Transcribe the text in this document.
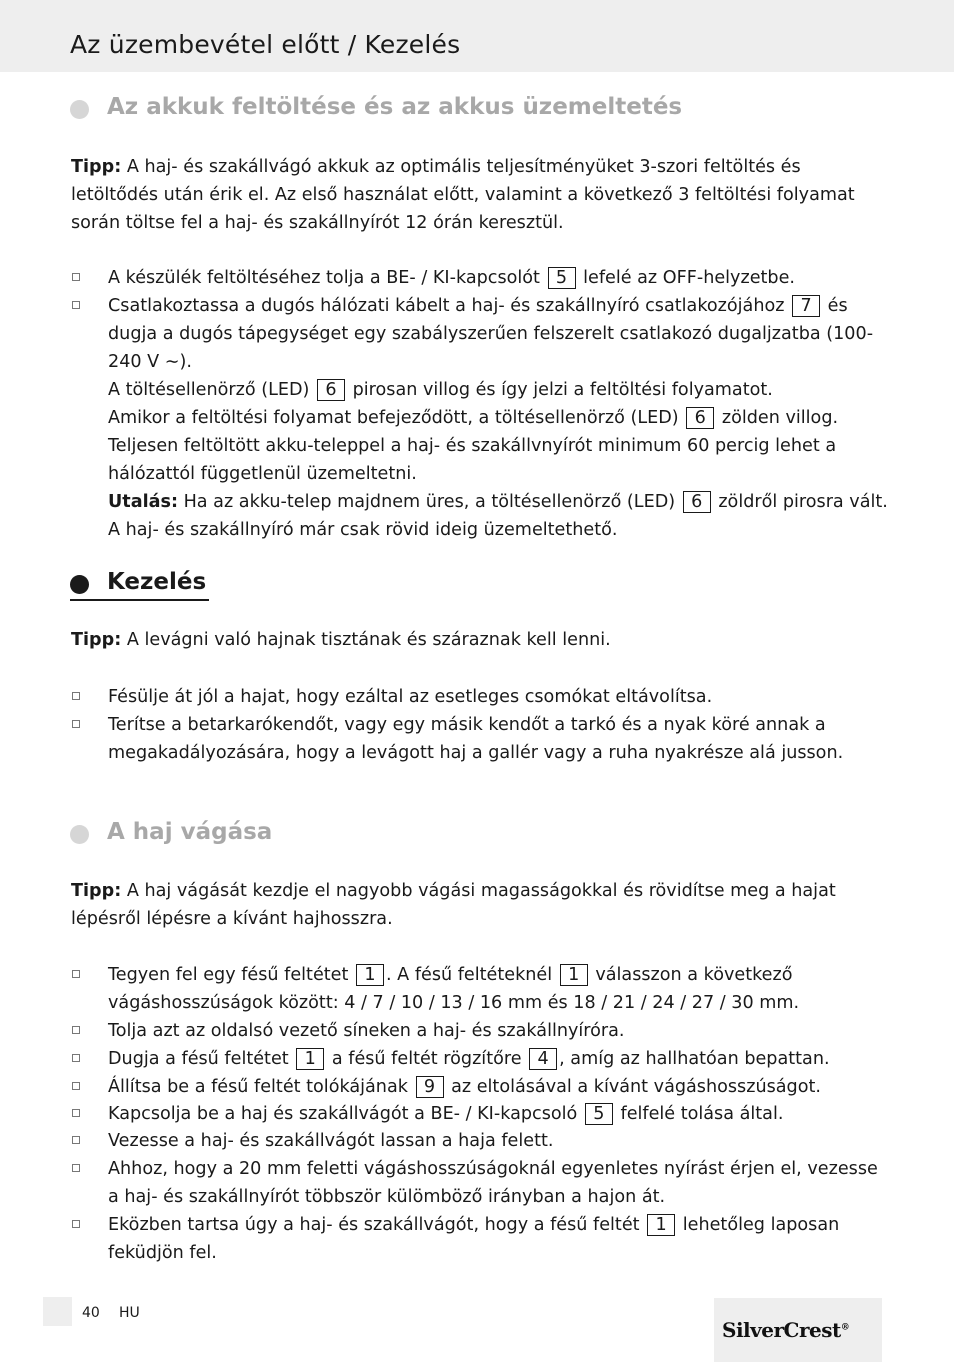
Az üzembevétel előtt / Kezelés
Az akkuk feltöltése és az akkus üzemeltetés

Tipp: A haj- és szakállvágó akkuk az optimális teljesítményüket 3-szori feltöltés és letöltődés után érik el. Az első használat előtt, valamint a következő 3 feltöltési folyamat során töltse fel a haj- és szakállnyírót 12 órán keresztül.

A készülék feltöltéséhez tolja a BE- / KI-kapcsolót 5 lefelé az OFF-helyzetbe.
Csatlakoztassa a dugós hálózati kábelt a haj- és szakállnyíró csatlakozójához 7 és dugja a dugós tápegységet egy szabályszerűen felszerelt csatlakozó dugaljzatba (100-240 V ∼).
A töltésellenörző (LED) 6 pirosan villog és így jelzi a feltöltési folyamatot.
Amikor a feltöltési folyamat befejeződött, a töltésellenörző (LED) 6 zölden villog. Teljesen feltöltött akku-teleppel a haj- és szakállvnyírót minimum 60 percig lehet a hálózattól függetlenül üzemeltetni.
Utalás: Ha az akku-telep majdnem üres, a töltésellenörző (LED) 6 zöldről pirosra vált. A haj- és szakállnyíró már csak rövid ideig üzemeltethető.
Kezelés

Tipp: A levágni való hajnak tisztának és száraznak kell lenni.

Fésülje át jól a hajat, hogy ezáltal az esetleges csomókat eltávolítsa.
Terítse a betarkarókendőt, vagy egy másik kendőt a tarkó és a nyak köré annak a megakadályozására, hogy a levágott haj a gallér vagy a ruha nyakrésze alá jusson.
A haj vágása

Tipp: A haj vágását kezdje el nagyobb vágási magasságokkal és rövidítse meg a hajat lépésről lépésre a kívánt hajhosszra.

Tegyen fel egy fésű feltétet 1 . A fésű feltéteknél 1 válasszon a következő vágáshosszúságok között: 4 / 7 / 10 / 13 / 16 mm és 18 / 21 / 24 / 27 / 30 mm.
Tolja azt az oldalsó vezető síneken a haj- és szakállnyíróra.
Dugja a fésű feltétet 1 a fésű feltét rögzítőre 4 , amíg az hallhatóan bepattan.
Állítsa be a fésű feltét tolókájának 9 az eltolásával a kívánt vágáshosszúságot.
Kapcsolja be a haj és szakállvágót a BE- / KI-kapcsoló 5 felfelé tolása által.
Vezesse a haj- és szakállvágót lassan a haja felett.
Ahhoz, hogy a 20 mm feletti vágáshosszúságoknál egyenletes nyírást érjen el, vezesse a haj- és szakállnyírót többször külömböző irányban a hajon át.
Eközben tartsa úgy a haj- és szakállvágót, hogy a fésű feltét 1 lehetőleg laposan feküdjön fel.
40 HU
SilverCrest®
